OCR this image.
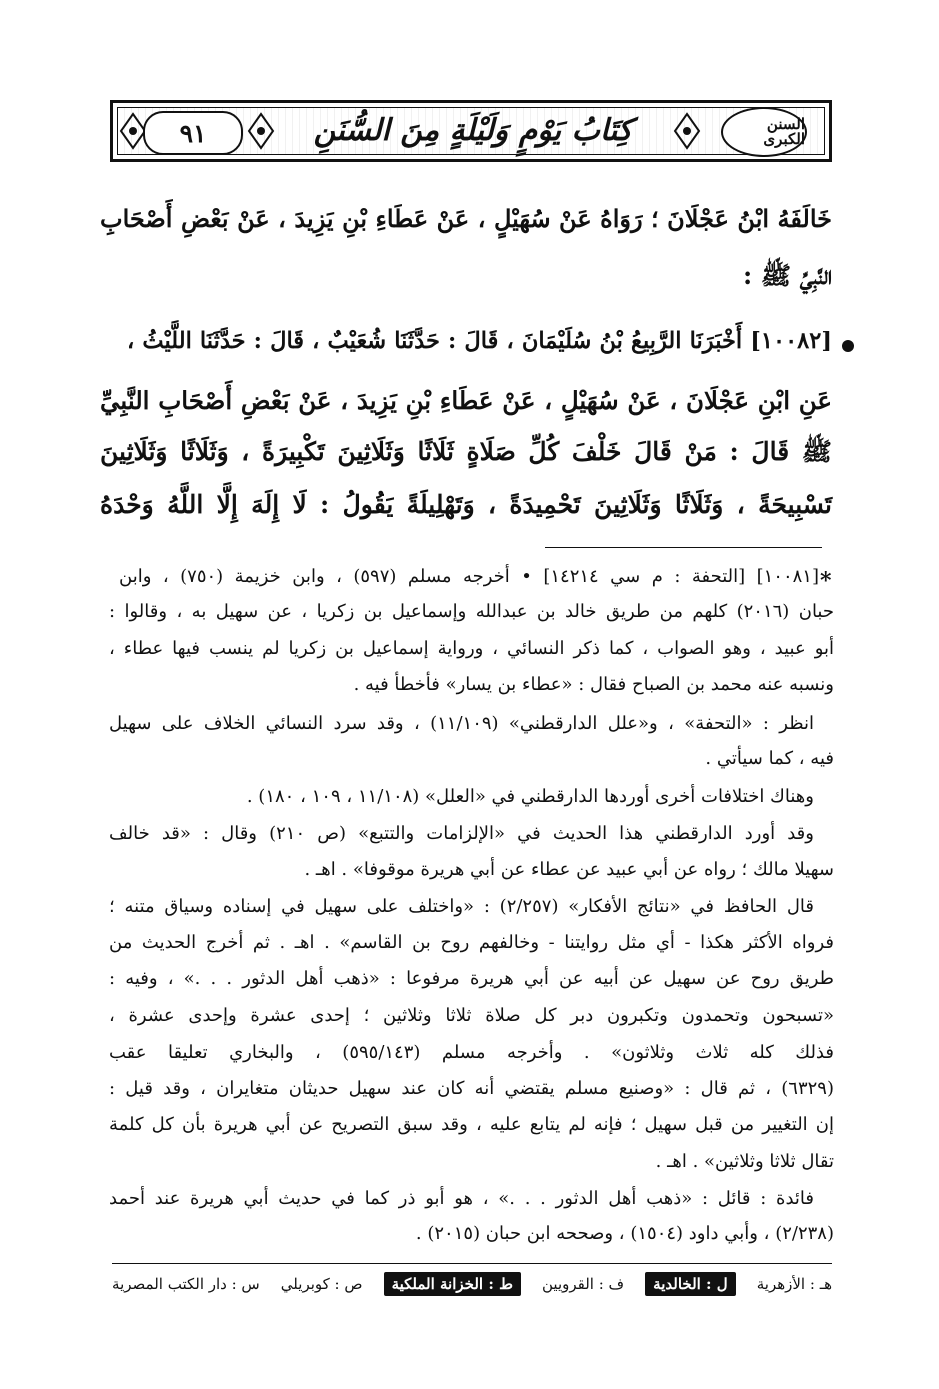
٩١	كِتَابُ يَوْمٍ وَلَيْلَةٍ مِنَ السُّنَنِ	السنن الكبرى
خَالَفَهُ ابْنُ عَجْلَانَ ؛ رَوَاهُ عَنْ سُهَيْلٍ ، عَنْ عَطَاءِ بْنِ يَزِيدَ ، عَنْ بَعْضِ أَصْحَابِ
النَّبِيِّ ﷺ :
[١٠٠٨٢] أَخْبَرَنَا الرَّبِيعُ بْنُ سُلَيْمَانَ ، قَالَ : حَدَّثَنَا شُعَيْبٌ ، قَالَ : حَدَّثَنَا اللَّيْثُ ،
عَنِ ابْنِ عَجْلَانَ ، عَنْ سُهَيْلٍ ، عَنْ عَطَاءِ بْنِ يَزِيدَ ، عَنْ بَعْضِ أَصْحَابِ النَّبِيِّ
ﷺ قَالَ : مَنْ قَالَ خَلْفَ كُلِّ صَلَاةٍ ثَلَاثًا وَثَلَاثِينَ تَكْبِيرَةً ، وَثَلَاثًا وَثَلَاثِينَ
تَسْبِيحَةً ، وَثَلَاثًا وَثَلَاثِينَ تَحْمِيدَةً ، وَتَهْلِيلَةً يَقُولُ : لَا إِلَهَ إِلَّا اللَّهُ وَحْدَهُ
*
[١٠٠٨١] [التحفة : م سي ١٤٢١٤] • أخرجه مسلم (٥٩٧) ، وابن خزيمة (٧٥٠) ، وابن
حبان (٢٠١٦) كلهم من طريق خالد بن عبدالله وإسماعيل بن زكريا ، عن سهيل به ، وقالوا :
أبو عبيد ، وهو الصواب ، كما ذكر النسائي ، ورواية إسماعيل بن زكريا لم ينسب فيها عطاء ،
ونسبه عنه محمد بن الصباح فقال : «عطاء بن يسار» فأخطأ فيه .
انظر : «التحفة» ، و«علل الدارقطني» (١١/١٠٩) ، وقد سرد النسائي الخلاف على سهيل
فيه ، كما سيأتي .
وهناك اختلافات أخرى أوردها الدارقطني في «العلل» (١١/١٠٨ ، ١٠٩ ، ١٨٠) .
وقد أورد الدارقطني هذا الحديث في «الإلزامات والتتبع» (ص ٢١٠) وقال : «قد خالف
سهيلا مالك ؛ رواه عن أبي عبيد عن عطاء عن أبي هريرة موقوفا» . اهـ .
قال الحافظ في «نتائج الأفكار» (٢/٢٥٧) : «واختلف على سهيل في إسناده وسياق متنه ؛
فرواه الأكثر هكذا - أي مثل روايتنا - وخالفهم روح بن القاسم» . اهـ . ثم أخرج الحديث من
طريق روح عن سهيل عن أبيه عن أبي هريرة مرفوعا : «ذهب أهل الدثور . . .» ، وفيه :
«تسبحون وتحمدون وتكبرون دبر كل صلاة ثلاثا وثلاثين ؛ إحدى عشرة وإحدى عشرة ،
فذلك كله ثلاث وثلاثون» . وأخرجه مسلم (٥٩٥/١٤٣) ، والبخاري تعليقا عقب
(٦٣٢٩) ، ثم قال : «وصنيع مسلم يقتضي أنه كان عند سهيل حديثان متغايران ، وقد قيل :
إن التغيير من قبل سهيل ؛ فإنه لم يتابع عليه ، وقد سبق التصريح عن أبي هريرة بأن كل كلمة
تقال ثلاثا وثلاثين» . اهـ .
فائدة : قائل : «ذهب أهل الدثور . . .» ، هو أبو ذر كما في حديث أبي هريرة عند أحمد
(٢/٢٣٨) ، وأبي داود (١٥٠٤) ، وصححه ابن حبان (٢٠١٥) .
س : دار الكتب المصرية ص : كوبريلي	ط : الخزانة الملكية	ف : القرويين	ل : الخالدية	هـ : الأزهرية
